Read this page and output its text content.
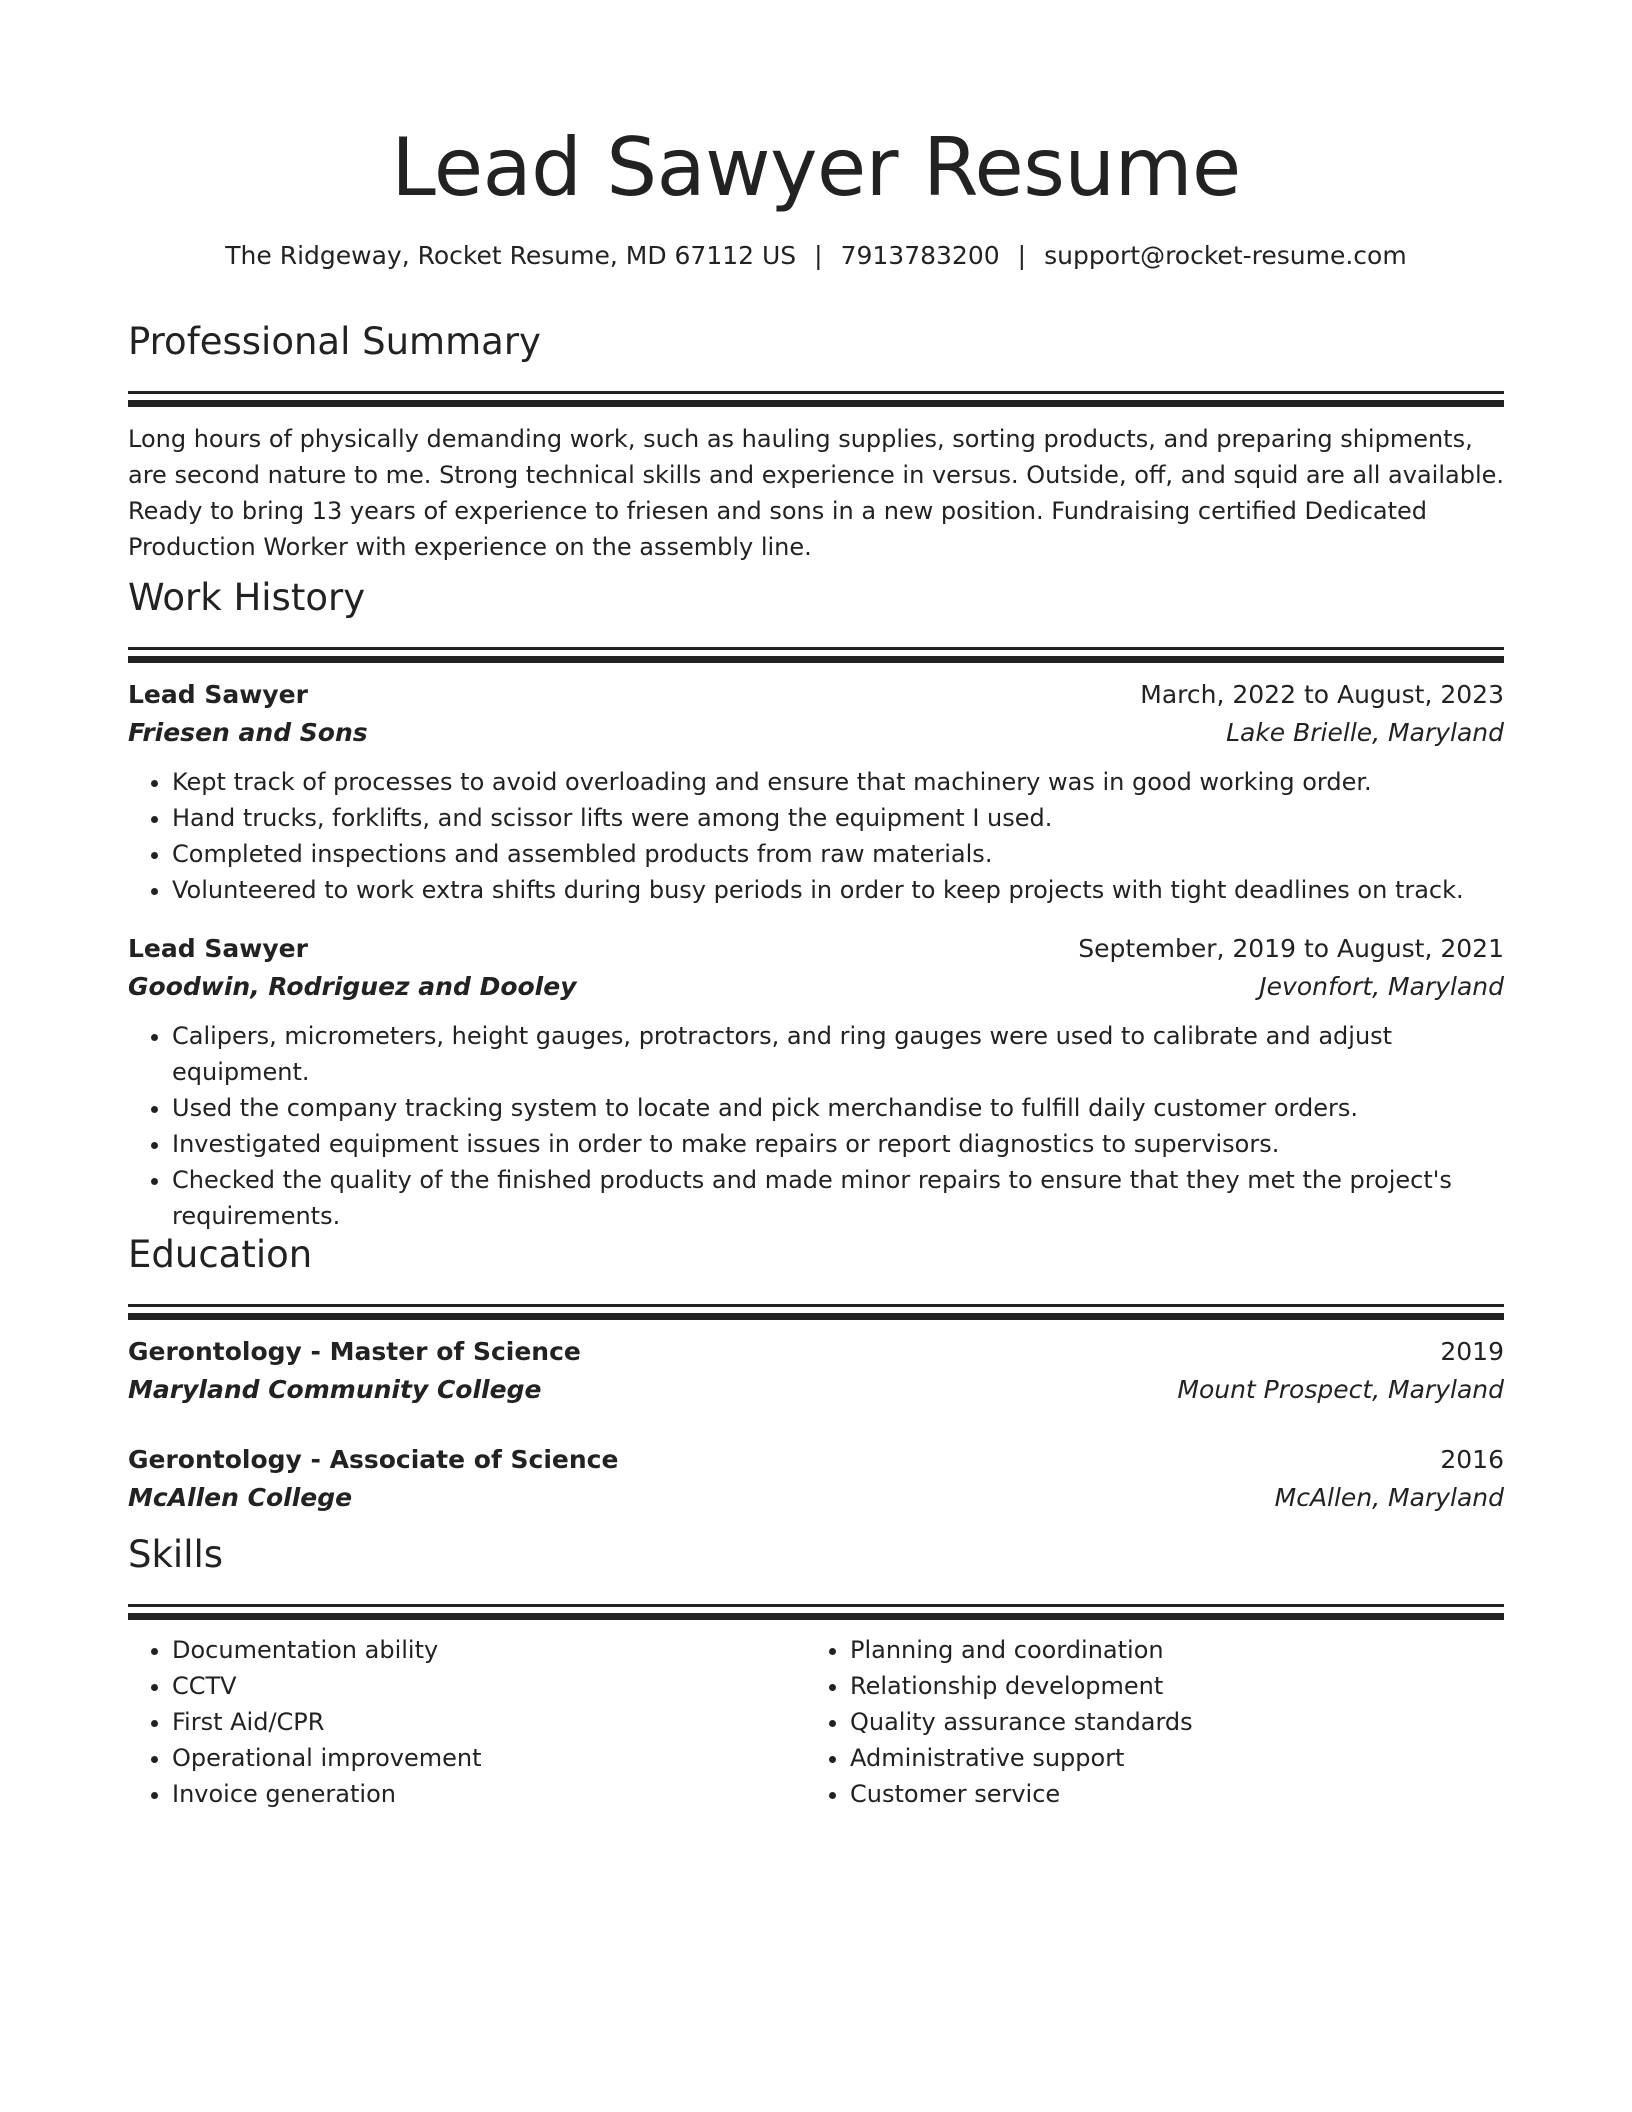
Lead Sawyer Resume
The Ridgeway, Rocket Resume, MD 67112 US | 7913783200 | support@rocket-resume.com
Professional Summary
Long hours of physically demanding work, such as hauling supplies, sorting products, and preparing shipments, are second nature to me. Strong technical skills and experience in versus. Outside, off, and squid are all available. Ready to bring 13 years of experience to friesen and sons in a new position. Fundraising certified Dedicated Production Worker with experience on the assembly line.
Work History
Lead Sawyer	March, 2022 to August, 2023
Friesen and Sons	Lake Brielle, Maryland
• Kept track of processes to avoid overloading and ensure that machinery was in good working order.
• Hand trucks, forklifts, and scissor lifts were among the equipment I used.
• Completed inspections and assembled products from raw materials.
• Volunteered to work extra shifts during busy periods in order to keep projects with tight deadlines on track.
Lead Sawyer	September, 2019 to August, 2021
Goodwin, Rodriguez and Dooley	Jevonfort, Maryland
• Calipers, micrometers, height gauges, protractors, and ring gauges were used to calibrate and adjust equipment.
• Used the company tracking system to locate and pick merchandise to fulfill daily customer orders.
• Investigated equipment issues in order to make repairs or report diagnostics to supervisors.
• Checked the quality of the finished products and made minor repairs to ensure that they met the project's requirements.
Education
Gerontology - Master of Science	2019
Maryland Community College	Mount Prospect, Maryland
Gerontology - Associate of Science	2016
McAllen College	McAllen, Maryland
Skills
• Documentation ability
• CCTV
• First Aid/CPR
• Operational improvement
• Invoice generation
• Planning and coordination
• Relationship development
• Quality assurance standards
• Administrative support
• Customer service
